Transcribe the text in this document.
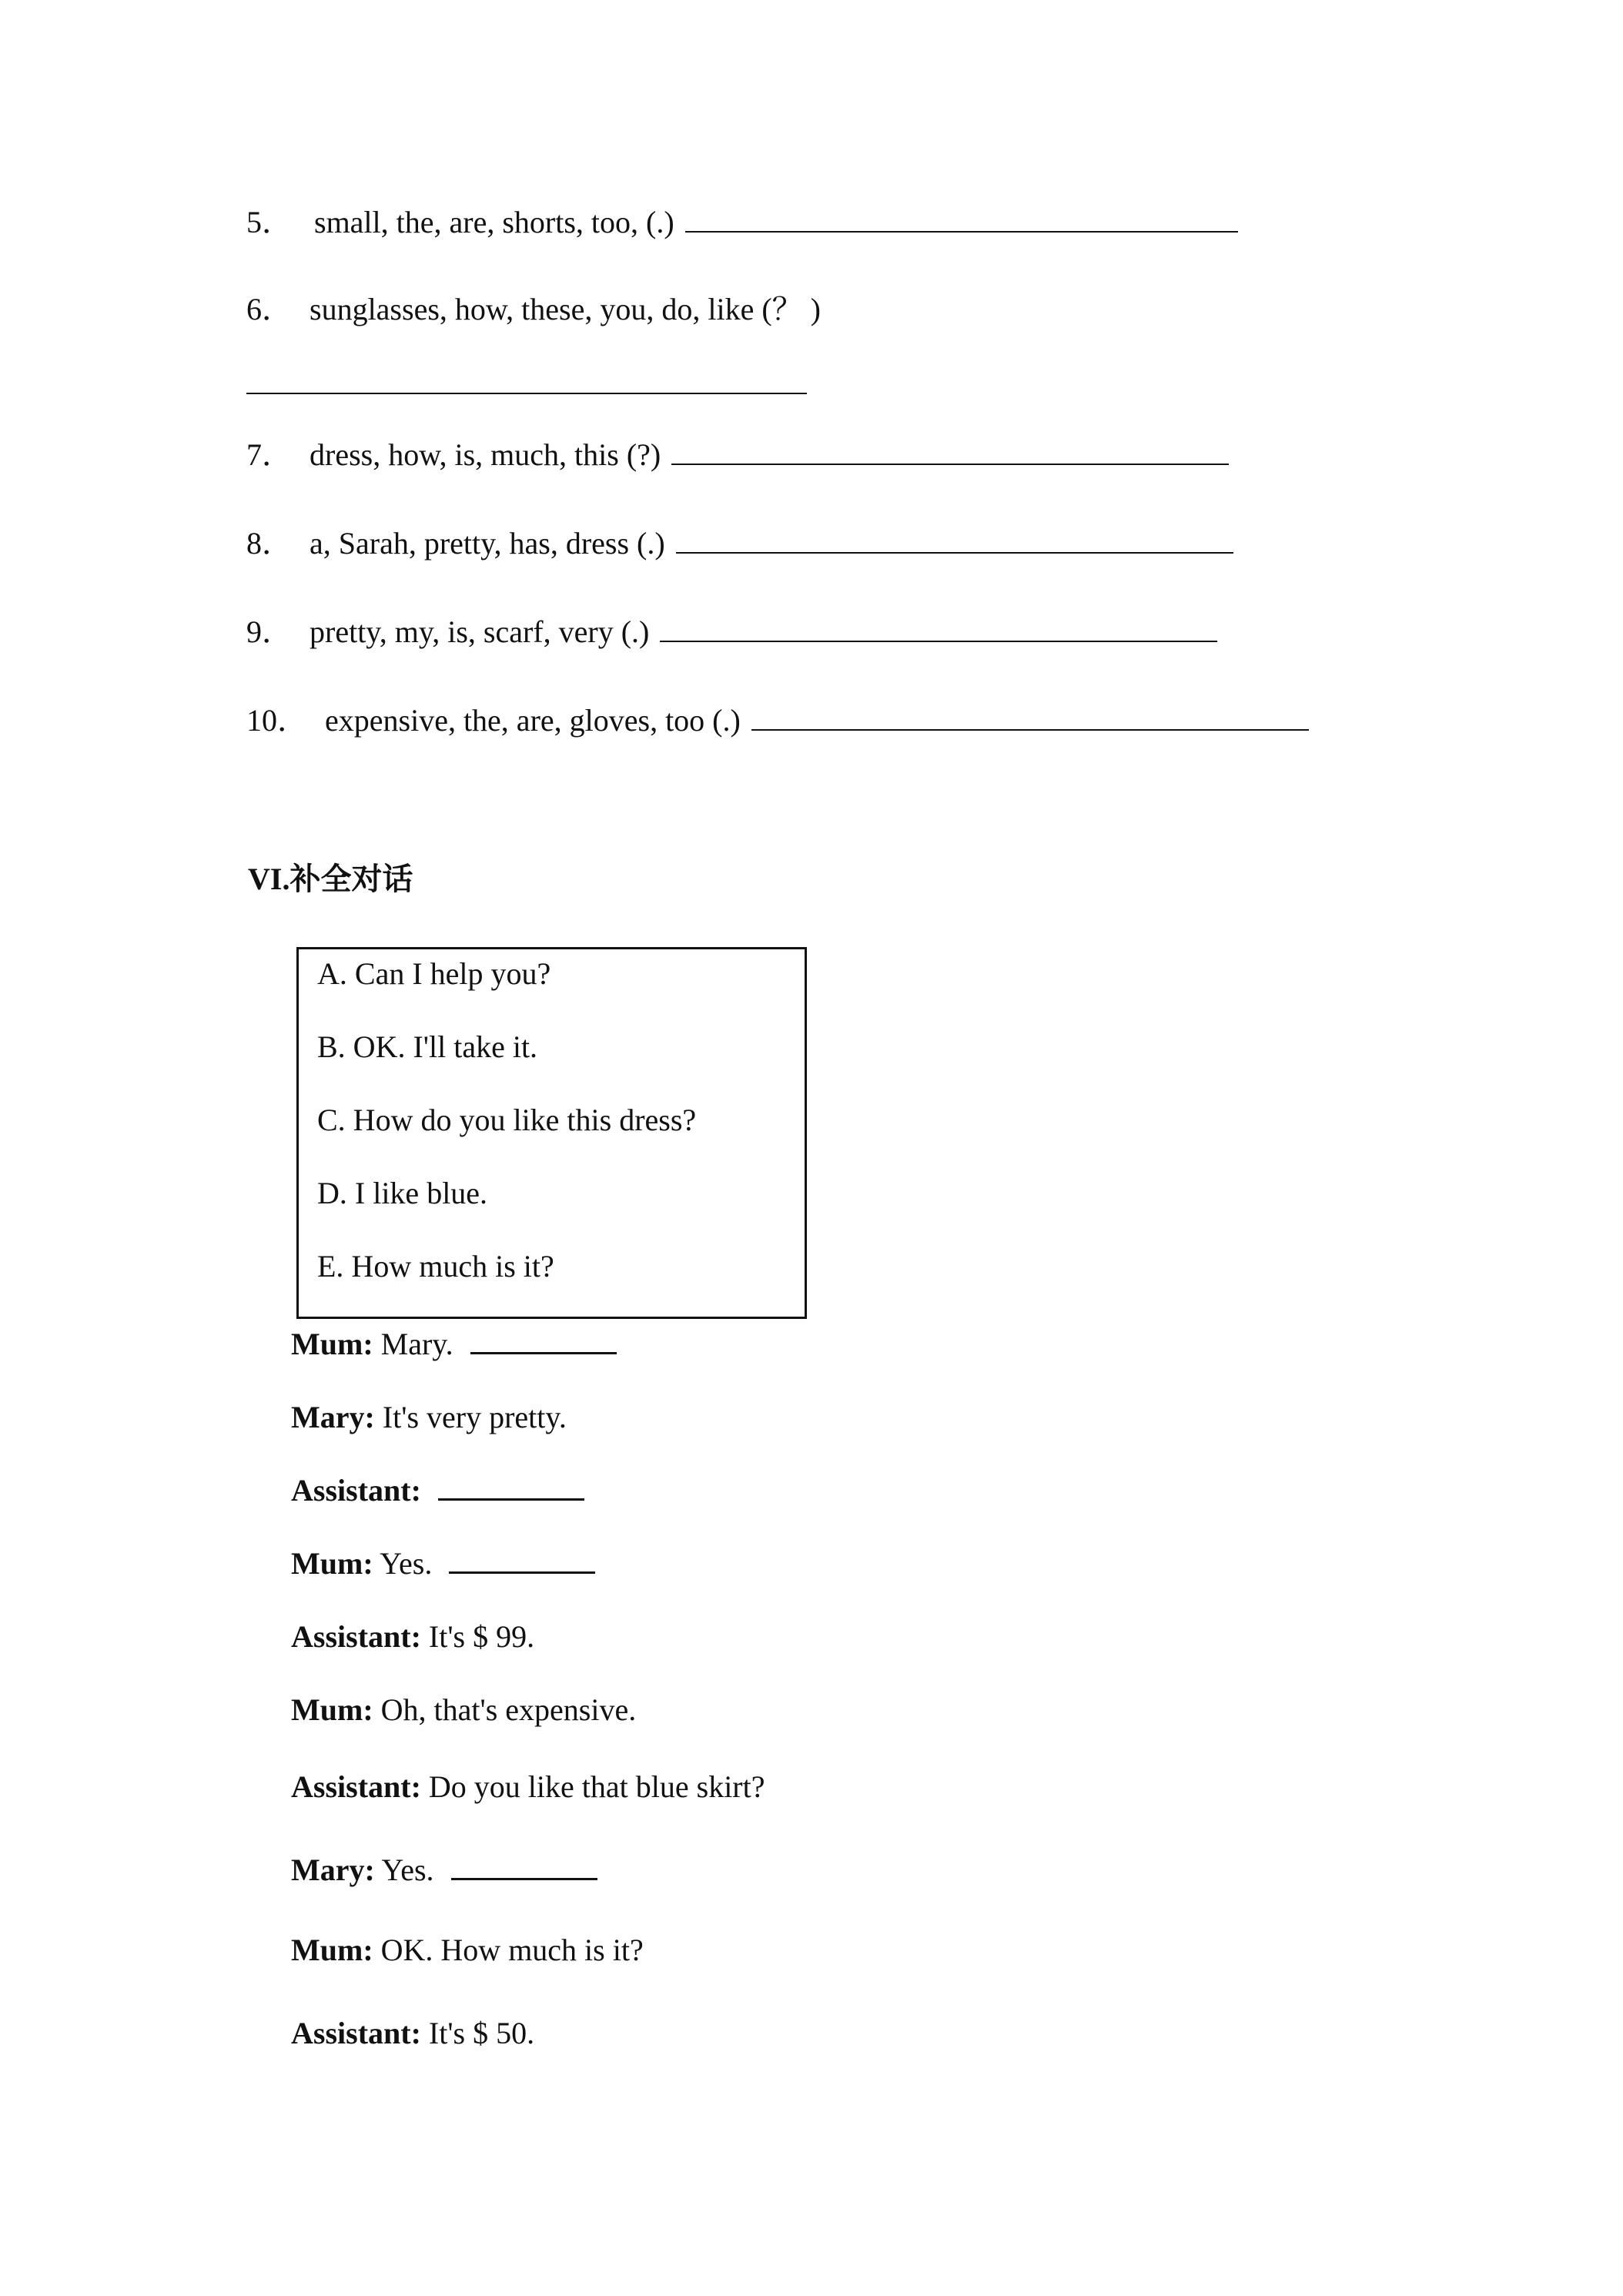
5． small, the, are, shorts, too, (.)
6． sunglasses, how, these, you, do, like (？ )
7． dress, how, is, much, this (?)
8． a, Sarah, pretty, has, dress (.)
9． pretty, my, is, scarf, very (.)
10． expensive, the, are, gloves, too (.)
VI.补全对话
A. Can I help you?
B. OK. I'll take it.
C. How do you like this dress?
D. I like blue.
E. How much is it?
Mum: Mary.
Mary: It's very pretty.
Assistant:
Mum: Yes.
Assistant: It's $ 99.
Mum: Oh, that's expensive.
Assistant: Do you like that blue skirt?
Mary: Yes.
Mum: OK. How much is it?
Assistant: It's $ 50.
